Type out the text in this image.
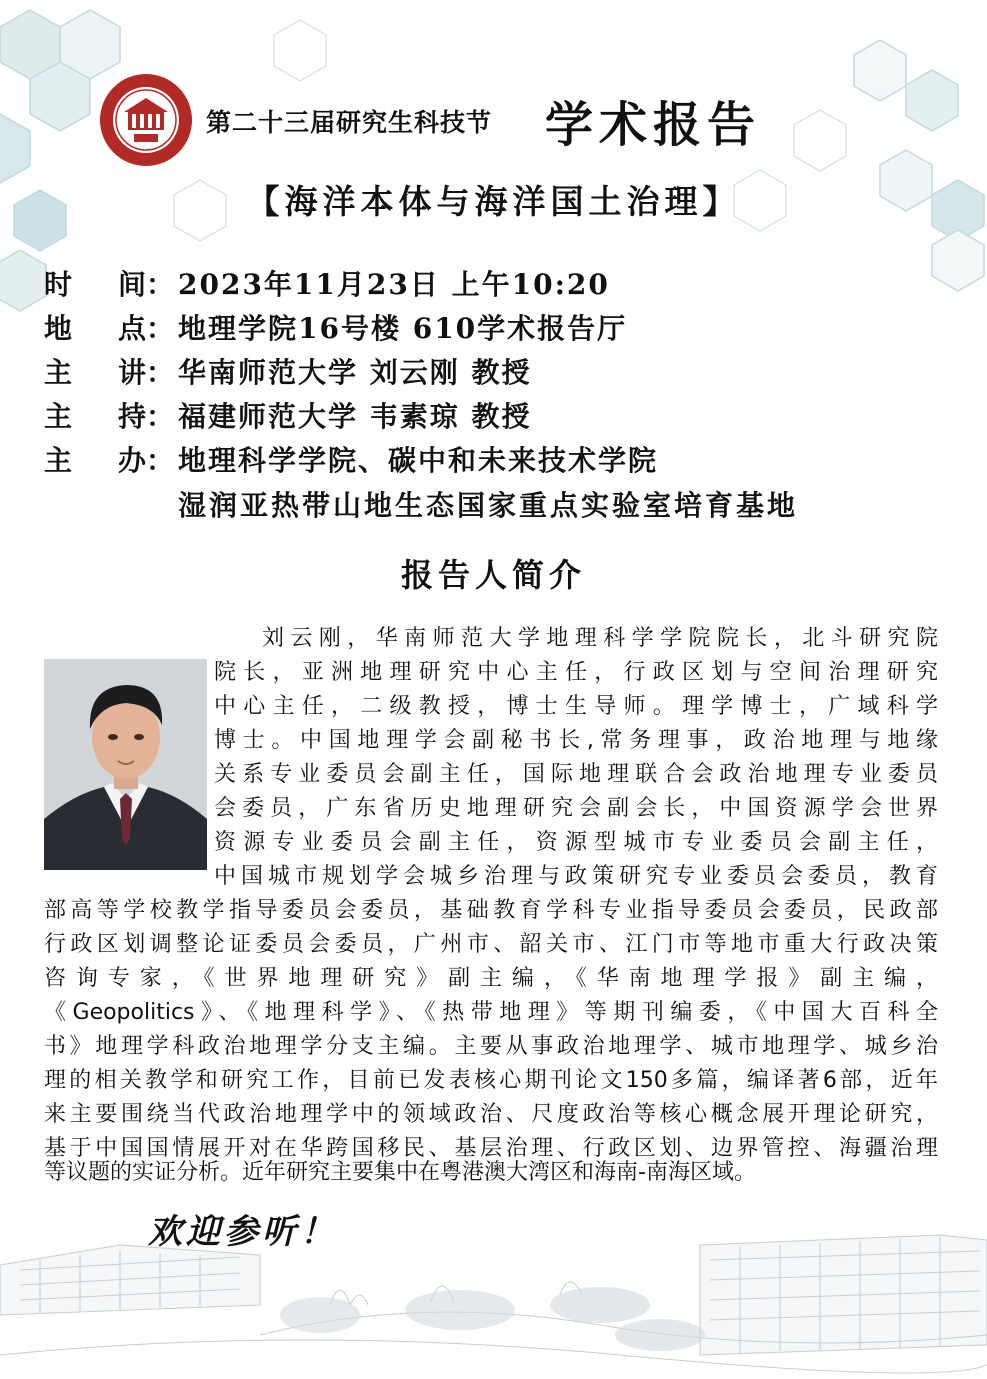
第二十三届研究生科技节 学术报告
【海洋本体与海洋国土治理】
时 间： 2023年11月23日 上午10:20
地 点： 地理学院16号楼 610学术报告厅
主 讲： 华南师范大学 刘云刚 教授
主 持： 福建师范大学 韦素琼 教授
主 办： 地理科学学院、碳中和未来技术学院
湿润亚热带山地生态国家重点实验室培育基地
报告人简介
刘云刚，华南师范大学地理科学学院院长，北斗研究院
院长，亚洲地理研究中心主任，行政区划与空间治理研究
中心主任，二级教授，博士生导师。理学博士，广域科学
博士。中国地理学会副秘书长,常务理事，政治地理与地缘
关系专业委员会副主任，国际地理联合会政治地理专业委员
会委员，广东省历史地理研究会副会长，中国资源学会世界
资源专业委员会副主任，资源型城市专业委员会副主任，
中国城市规划学会城乡治理与政策研究专业委员会委员，教育
部高等学校教学指导委员会委员，基础教育学科专业指导委员会委员，民政部
行政区划调整论证委员会委员，广州市、韶关市、江门市等地市重大行政决策
咨询专家，《世界地理研究》副主编，《华南地理学报》副主编，
《Geopolitics》、《地理科学》、《热带地理》等期刊编委，《中国大百科全
书》地理学科政治地理学分支主编。主要从事政治地理学、城市地理学、城乡治
理的相关教学和研究工作，目前已发表核心期刊论文150多篇，编译著6部，近年
来主要围绕当代政治地理学中的领域政治、尺度政治等核心概念展开理论研究，
基于中国国情展开对在华跨国移民、基层治理、行政区划、边界管控、海疆治理
等议题的实证分析。近年研究主要集中在粤港澳大湾区和海南-南海区域。
欢迎参听！
